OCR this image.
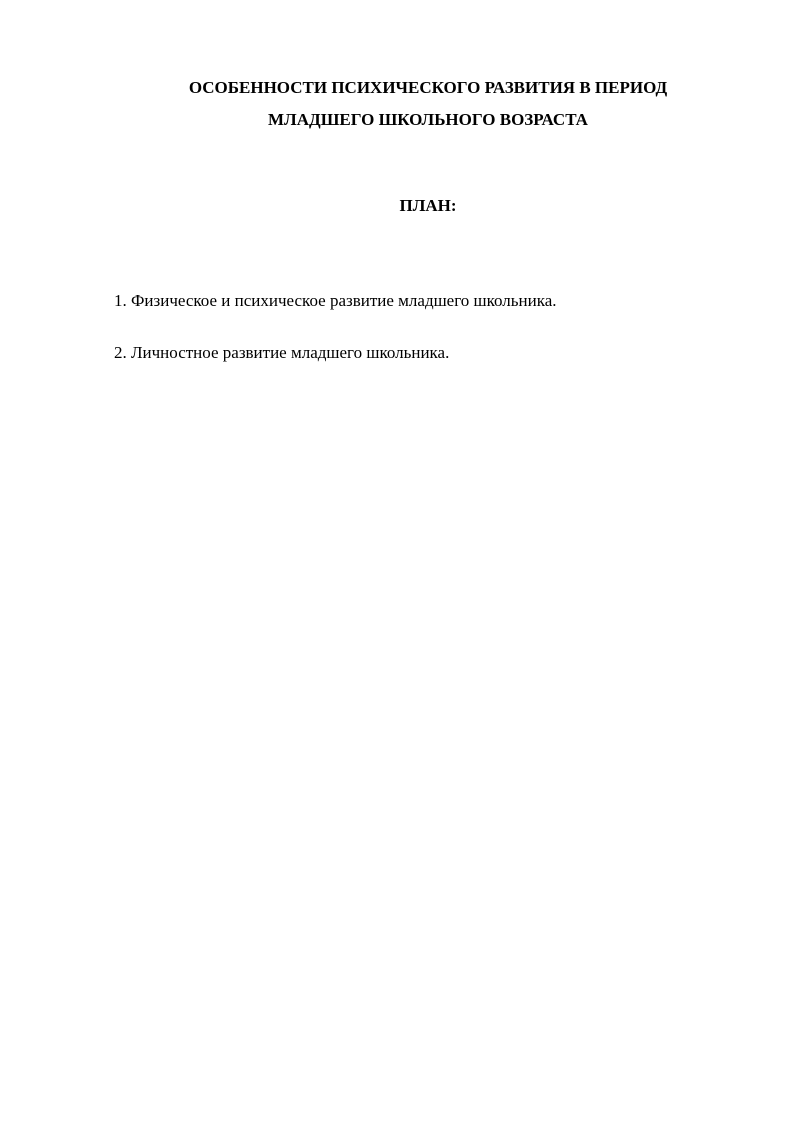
ОСОБЕННОСТИ ПСИХИЧЕСКОГО РАЗВИТИЯ В ПЕРИОД
МЛАДШЕГО ШКОЛЬНОГО ВОЗРАСТА
ПЛАН:
1. Физическое и психическое развитие младшего школьника.
2. Личностное развитие младшего школьника.
